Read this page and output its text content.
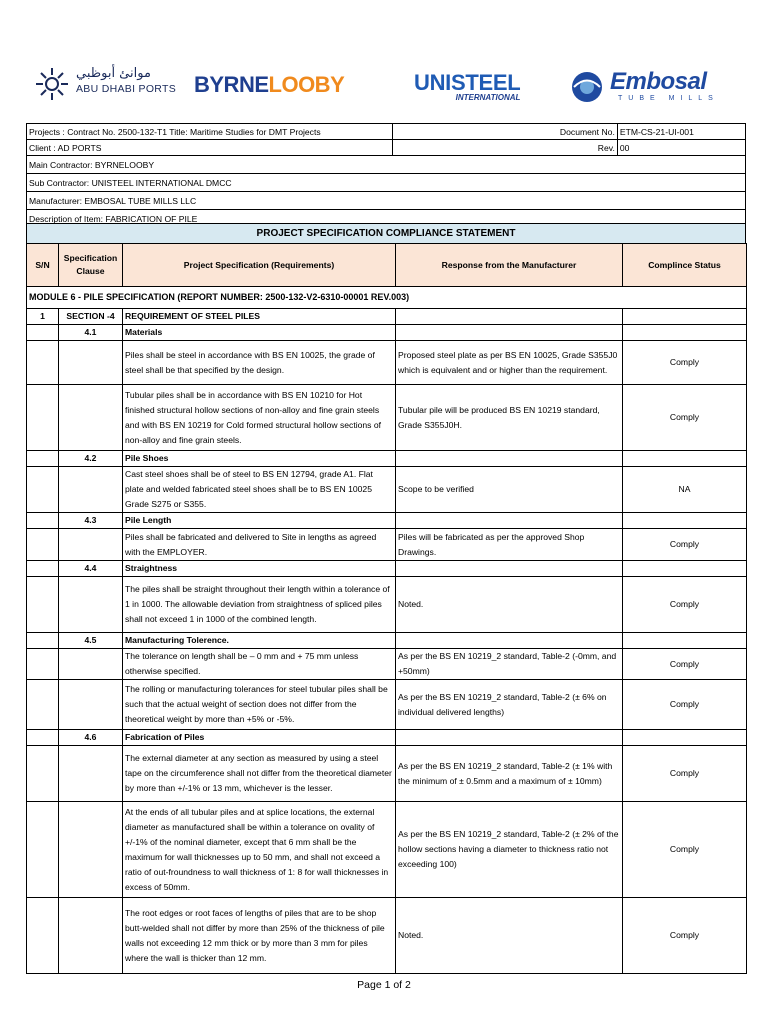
موانئ أبوظبي
ABU DHABI PORTS BYRNELOOBY	UNISTEEL
INTERNATIONAL
Embosal
TUBE MILLS
Projects : Contract No. 2500-132-T1 Title: Maritime Studies for DMT Projects	Document No.	ETM-CS-21-UI-001
Client : AD PORTS	Rev.	00
Main Contractor: BYRNELOOBY		
Sub Contractor: UNISTEEL INTERNATIONAL DMCC		
Manufacturer: EMBOSAL TUBE MILLS LLC		
Description of Item: FABRICATION OF PILE		
PROJECT SPECIFICATION COMPLIANCE STATEMENT
S/N	Specification Clause	Project Specification (Requirements)	Response from the Manufacturer	Complince Status
MODULE 6 - PILE SPECIFICATION (REPORT NUMBER: 2500-132-V2-6310-00001 REV.003)				
1	SECTION -4	REQUIREMENT OF STEEL PILES		
	4.1	Materials		
		Piles shall be steel in accordance with BS EN 10025, the grade of steel shall be that specified by the design.	Proposed steel plate as per BS EN 10025, Grade S355J0 which is equivalent and or higher than the requirement.	Comply
		Tubular piles shall be in accordance with BS EN 10210 for Hot finished structural hollow sections of non-alloy and fine grain steels and with BS EN 10219 for Cold formed structural hollow sections of non-alloy and fine grain steels.	Tubular pile will be produced BS EN 10219 standard, Grade S355J0H.	Comply
	4.2	Pile Shoes		
		Cast steel shoes shall be of steel to BS EN 12794, grade A1. Flat plate and welded fabricated steel shoes shall be to BS EN 10025 Grade S275 or S355.	Scope to be verified	NA
	4.3	Pile Length		
		Piles shall be fabricated and delivered to Site in lengths as agreed with the EMPLOYER.	Piles will be fabricated as per the approved Shop Drawings.	Comply
	4.4	Straightness		
		The piles shall be straight throughout their length within a tolerance of 1 in 1000. The allowable deviation from straightness of spliced piles shall not exceed 1 in 1000 of the combined length.	Noted.	Comply
	4.5	Manufacturing Tolerence.		
		The tolerance on length shall be – 0 mm and + 75 mm unless otherwise specified.	As per the BS EN 10219_2 standard, Table-2 (-0mm, and +50mm)	Comply
		The rolling or manufacturing tolerances for steel tubular piles shall be such that the actual weight of section does not differ from the theoretical weight by more than +5% or -5%.	As per the BS EN 10219_2 standard, Table-2 (± 6% on individual delivered lengths)	Comply
	4.6	Fabrication of Piles		
		The external diameter at any section as measured by using a steel tape on the circumference shall not differ from the theoretical diameter by more than +/-1% or 13 mm, whichever is the lesser.	As per the BS EN 10219_2 standard, Table-2 (± 1% with the minimum of ± 0.5mm and a maximum of ± 10mm)	Comply
		At the ends of all tubular piles and at splice locations, the external diameter as manufactured shall be within a tolerance on ovality of +/-1% of the nominal diameter, except that 6 mm shall be the maximum for wall thicknesses up to 50 mm, and shall not exceed a ratio of out-froundness to wall thickness of 1: 8 for wall thicknesses in excess of 50mm.	As per the BS EN 10219_2 standard, Table-2 (± 2% of the hollow sections having a diameter to thickness ratio not exceeding 100)	Comply
		The root edges or root faces of lengths of piles that are to be shop butt-welded shall not differ by more than 25% of the thickness of pile walls not exceeding 12 mm thick or by more than 3 mm for piles where the wall is thicker than 12 mm.	Noted.	Comply
Page 1 of 2
